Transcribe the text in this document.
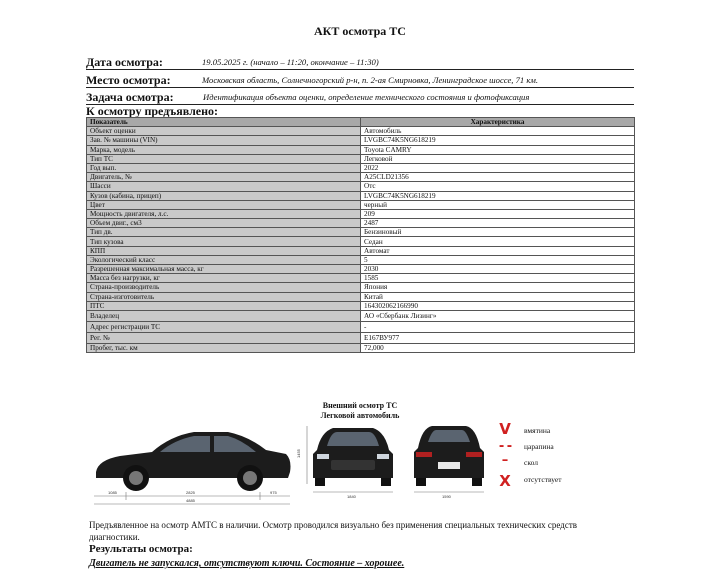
АКТ осмотра ТС
Дата осмотра:	19.05.2025 г. (начало – 11:20, окончание – 11:30)
Место осмотра:	Московская область, Солнечногорский р-н, п. 2-ая Смирновка, Ленинградское шоссе, 71 км.
Задача осмотра:	Идентификация объекта оценки, определение технического состояния и фотофиксация
К осмотру предъявлено:
Показатель	Характеристика
Объект оценки	Автомобиль
Зав. № машины (VIN)	LVGBC74K5NG618219
Марка, модель	Toyota CAMRY
Тип ТС	Легковой
Год вып.	2022
Двигатель, №	A25CLD21356
Шасси	Отс
Кузов (кабина, прицеп)	LVGBC74K5NG618219
Цвет	черный
Мощность двигателя, л.с.	209
Объем двиг., см3	2487
Тип дв.	Бензиновый
Тип кузова	Седан
КПП	Автомат
Экологический класс	5
Разрешенная максимальная масса, кг	2030
Масса без нагрузки, кг	1585
Страна-производитель	Япония
Страна-изготовитель	Китай
ПТС	164302062166990
Владелец	АО «Сбербанк Лизинг»
Адрес регистрации ТС	-
Рег. №	Е167ВУ977
Пробег, тыс. км	72,000
Внешний осмотр ТС
Легковой автомобиль
1085	2825	975
4885
1455
1840	1590
V	вмятина
- -	царапина
–	скол
X	отсутствует
Предъявленное на осмотр АМТС в наличии. Осмотр проводился визуально без применения специальных технических средств диагностики.
Результаты осмотра:
Двигатель не запускался, отсутствуют ключи. Состояние – хорошее.
